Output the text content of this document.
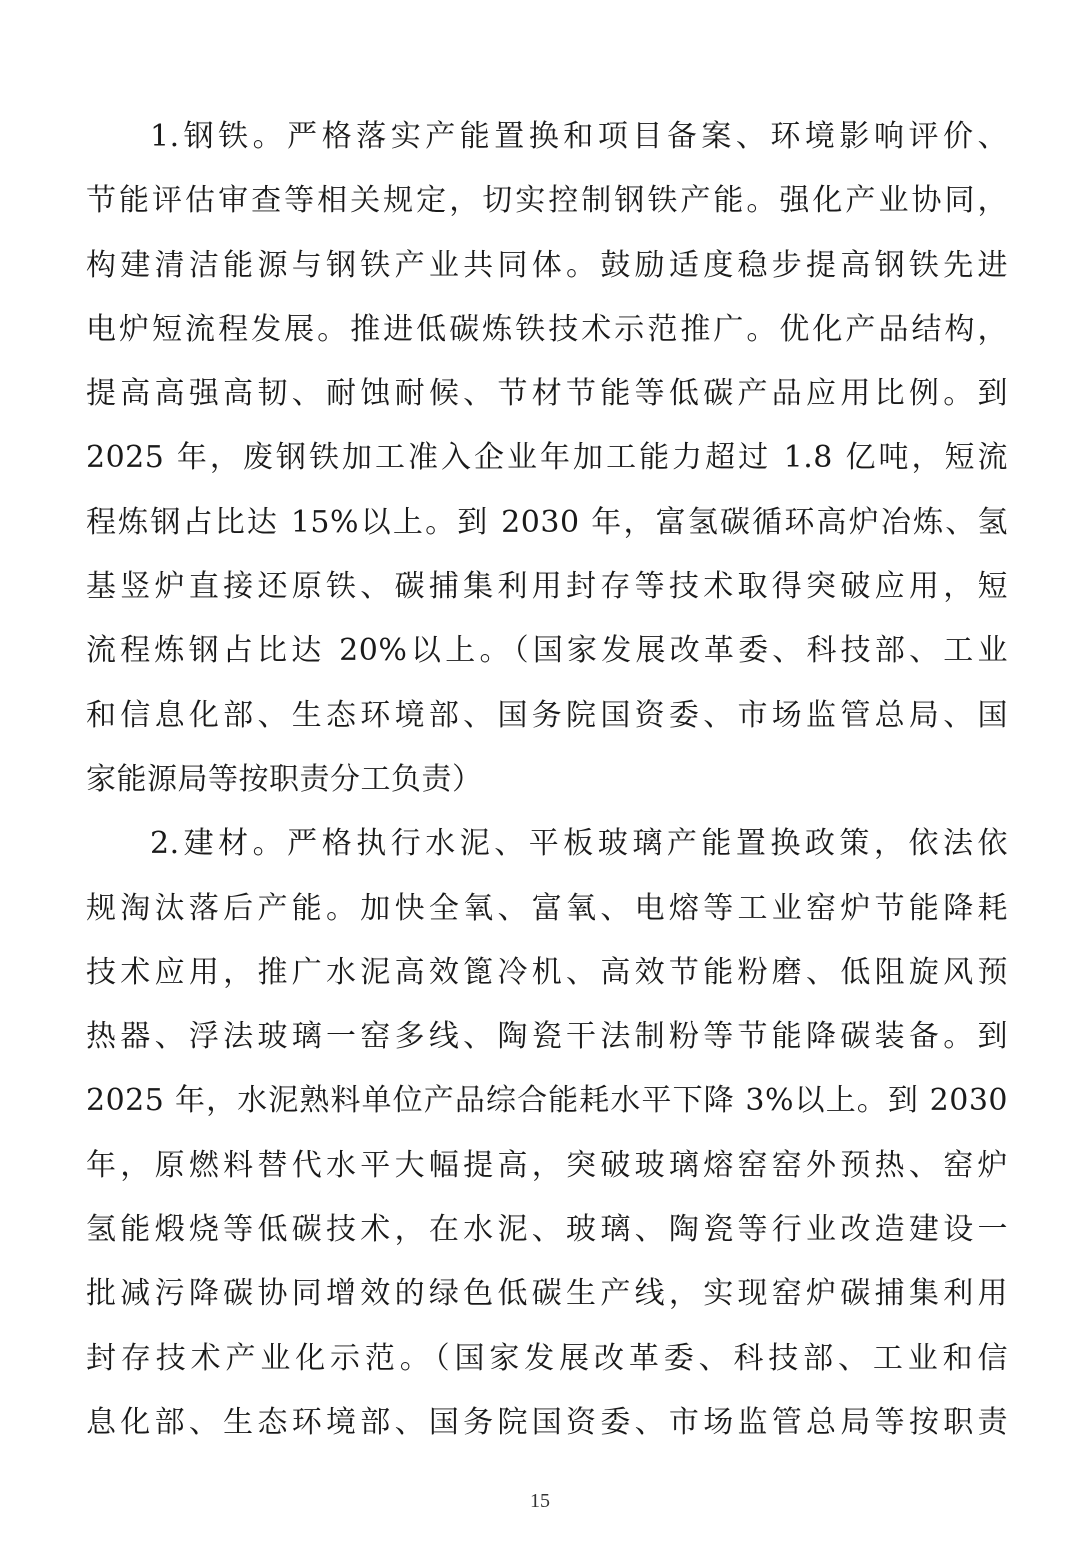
1.钢铁。严格落实产能置换和项目备案、环境影响评价、
节能评估审查等相关规定，切实控制钢铁产能。强化产业协同，
构建清洁能源与钢铁产业共同体。鼓励适度稳步提高钢铁先进
电炉短流程发展。推进低碳炼铁技术示范推广。优化产品结构，
提高高强高韧、耐蚀耐候、节材节能等低碳产品应用比例。到
2025 年，废钢铁加工准入企业年加工能力超过 1.8 亿吨，短流
程炼钢占比达 15%以上。到 2030 年，富氢碳循环高炉冶炼、氢
基竖炉直接还原铁、碳捕集利用封存等技术取得突破应用，短
流程炼钢占比达 20%以上。（国家发展改革委、科技部、工业
和信息化部、生态环境部、国务院国资委、市场监管总局、国
家能源局等按职责分工负责）
2.建材。严格执行水泥、平板玻璃产能置换政策，依法依
规淘汰落后产能。加快全氧、富氧、电熔等工业窑炉节能降耗
技术应用，推广水泥高效篦冷机、高效节能粉磨、低阻旋风预
热器、浮法玻璃一窑多线、陶瓷干法制粉等节能降碳装备。到
2025 年，水泥熟料单位产品综合能耗水平下降 3%以上。到 2030
年，原燃料替代水平大幅提高，突破玻璃熔窑窑外预热、窑炉
氢能煅烧等低碳技术，在水泥、玻璃、陶瓷等行业改造建设一
批减污降碳协同增效的绿色低碳生产线，实现窑炉碳捕集利用
封存技术产业化示范。（国家发展改革委、科技部、工业和信
息化部、生态环境部、国务院国资委、市场监管总局等按职责
15
